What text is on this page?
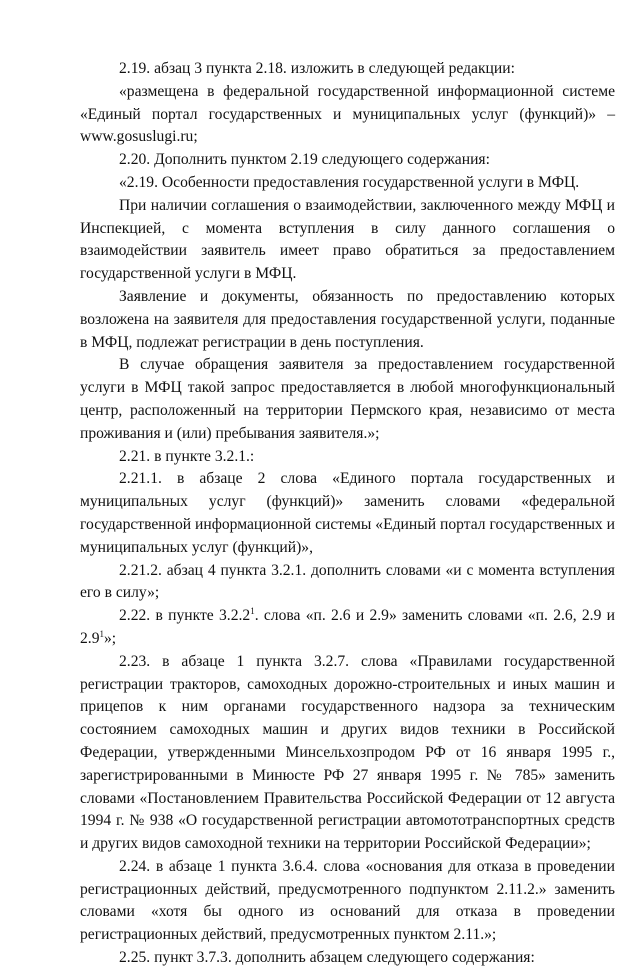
2.19. абзац 3 пункта 2.18. изложить в следующей редакции:

«размещена в федеральной государственной информационной системе «Единый портал государственных и муниципальных услуг (функций)» – www.gosuslugi.ru;

2.20. Дополнить пунктом 2.19 следующего содержания:

«2.19. Особенности предоставления государственной услуги в МФЦ.

При наличии соглашения о взаимодействии, заключенного между МФЦ и Инспекцией, с момента вступления в силу данного соглашения о взаимодействии заявитель имеет право обратиться за предоставлением государственной услуги в МФЦ.

Заявление и документы, обязанность по предоставлению которых возложена на заявителя для предоставления государственной услуги, поданные в МФЦ, подлежат регистрации в день поступления.

В случае обращения заявителя за предоставлением государственной услуги в МФЦ такой запрос предоставляется в любой многофункциональный центр, расположенный на территории Пермского края, независимо от места проживания и (или) пребывания заявителя.»;

2.21. в пункте 3.2.1.:

2.21.1. в абзаце 2 слова «Единого портала государственных и муниципальных услуг (функций)» заменить словами «федеральной государственной информационной системы «Единый портал государственных и муниципальных услуг (функций)»,

2.21.2. абзац 4 пункта 3.2.1. дополнить словами «и с момента вступления его в силу»;

2.22. в пункте 3.2.2$^1$. слова «п. 2.6 и 2.9» заменить словами «п. 2.6, 2.9 и $2.9^1$»;

2.23. в абзаце 1 пункта 3.2.7. слова «Правилами государственной регистрации тракторов, самоходных дорожно-строительных и иных машин и прицепов к ним органами государственного надзора за техническим состоянием самоходных машин и других видов техники в Российской Федерации, утвержденными Минсельхозпродом РФ от 16 января 1995 г., зарегистрированными в Минюсте РФ 27 января 1995 г. № 785» заменить словами «Постановлением Правительства Российской Федерации от 12 августа 1994 г. № 938 «О государственной регистрации автомототранспортных средств и других видов самоходной техники на территории Российской Федерации»;

2.24. в абзаце 1 пункта 3.6.4. слова «основания для отказа в проведении регистрационных действий, предусмотренного подпунктом 2.11.2.» заменить словами «хотя бы одного из оснований для отказа в проведении регистрационных действий, предусмотренных пунктом 2.11.»;

2.25. пункт 3.7.3. дополнить абзацем следующего содержания:
